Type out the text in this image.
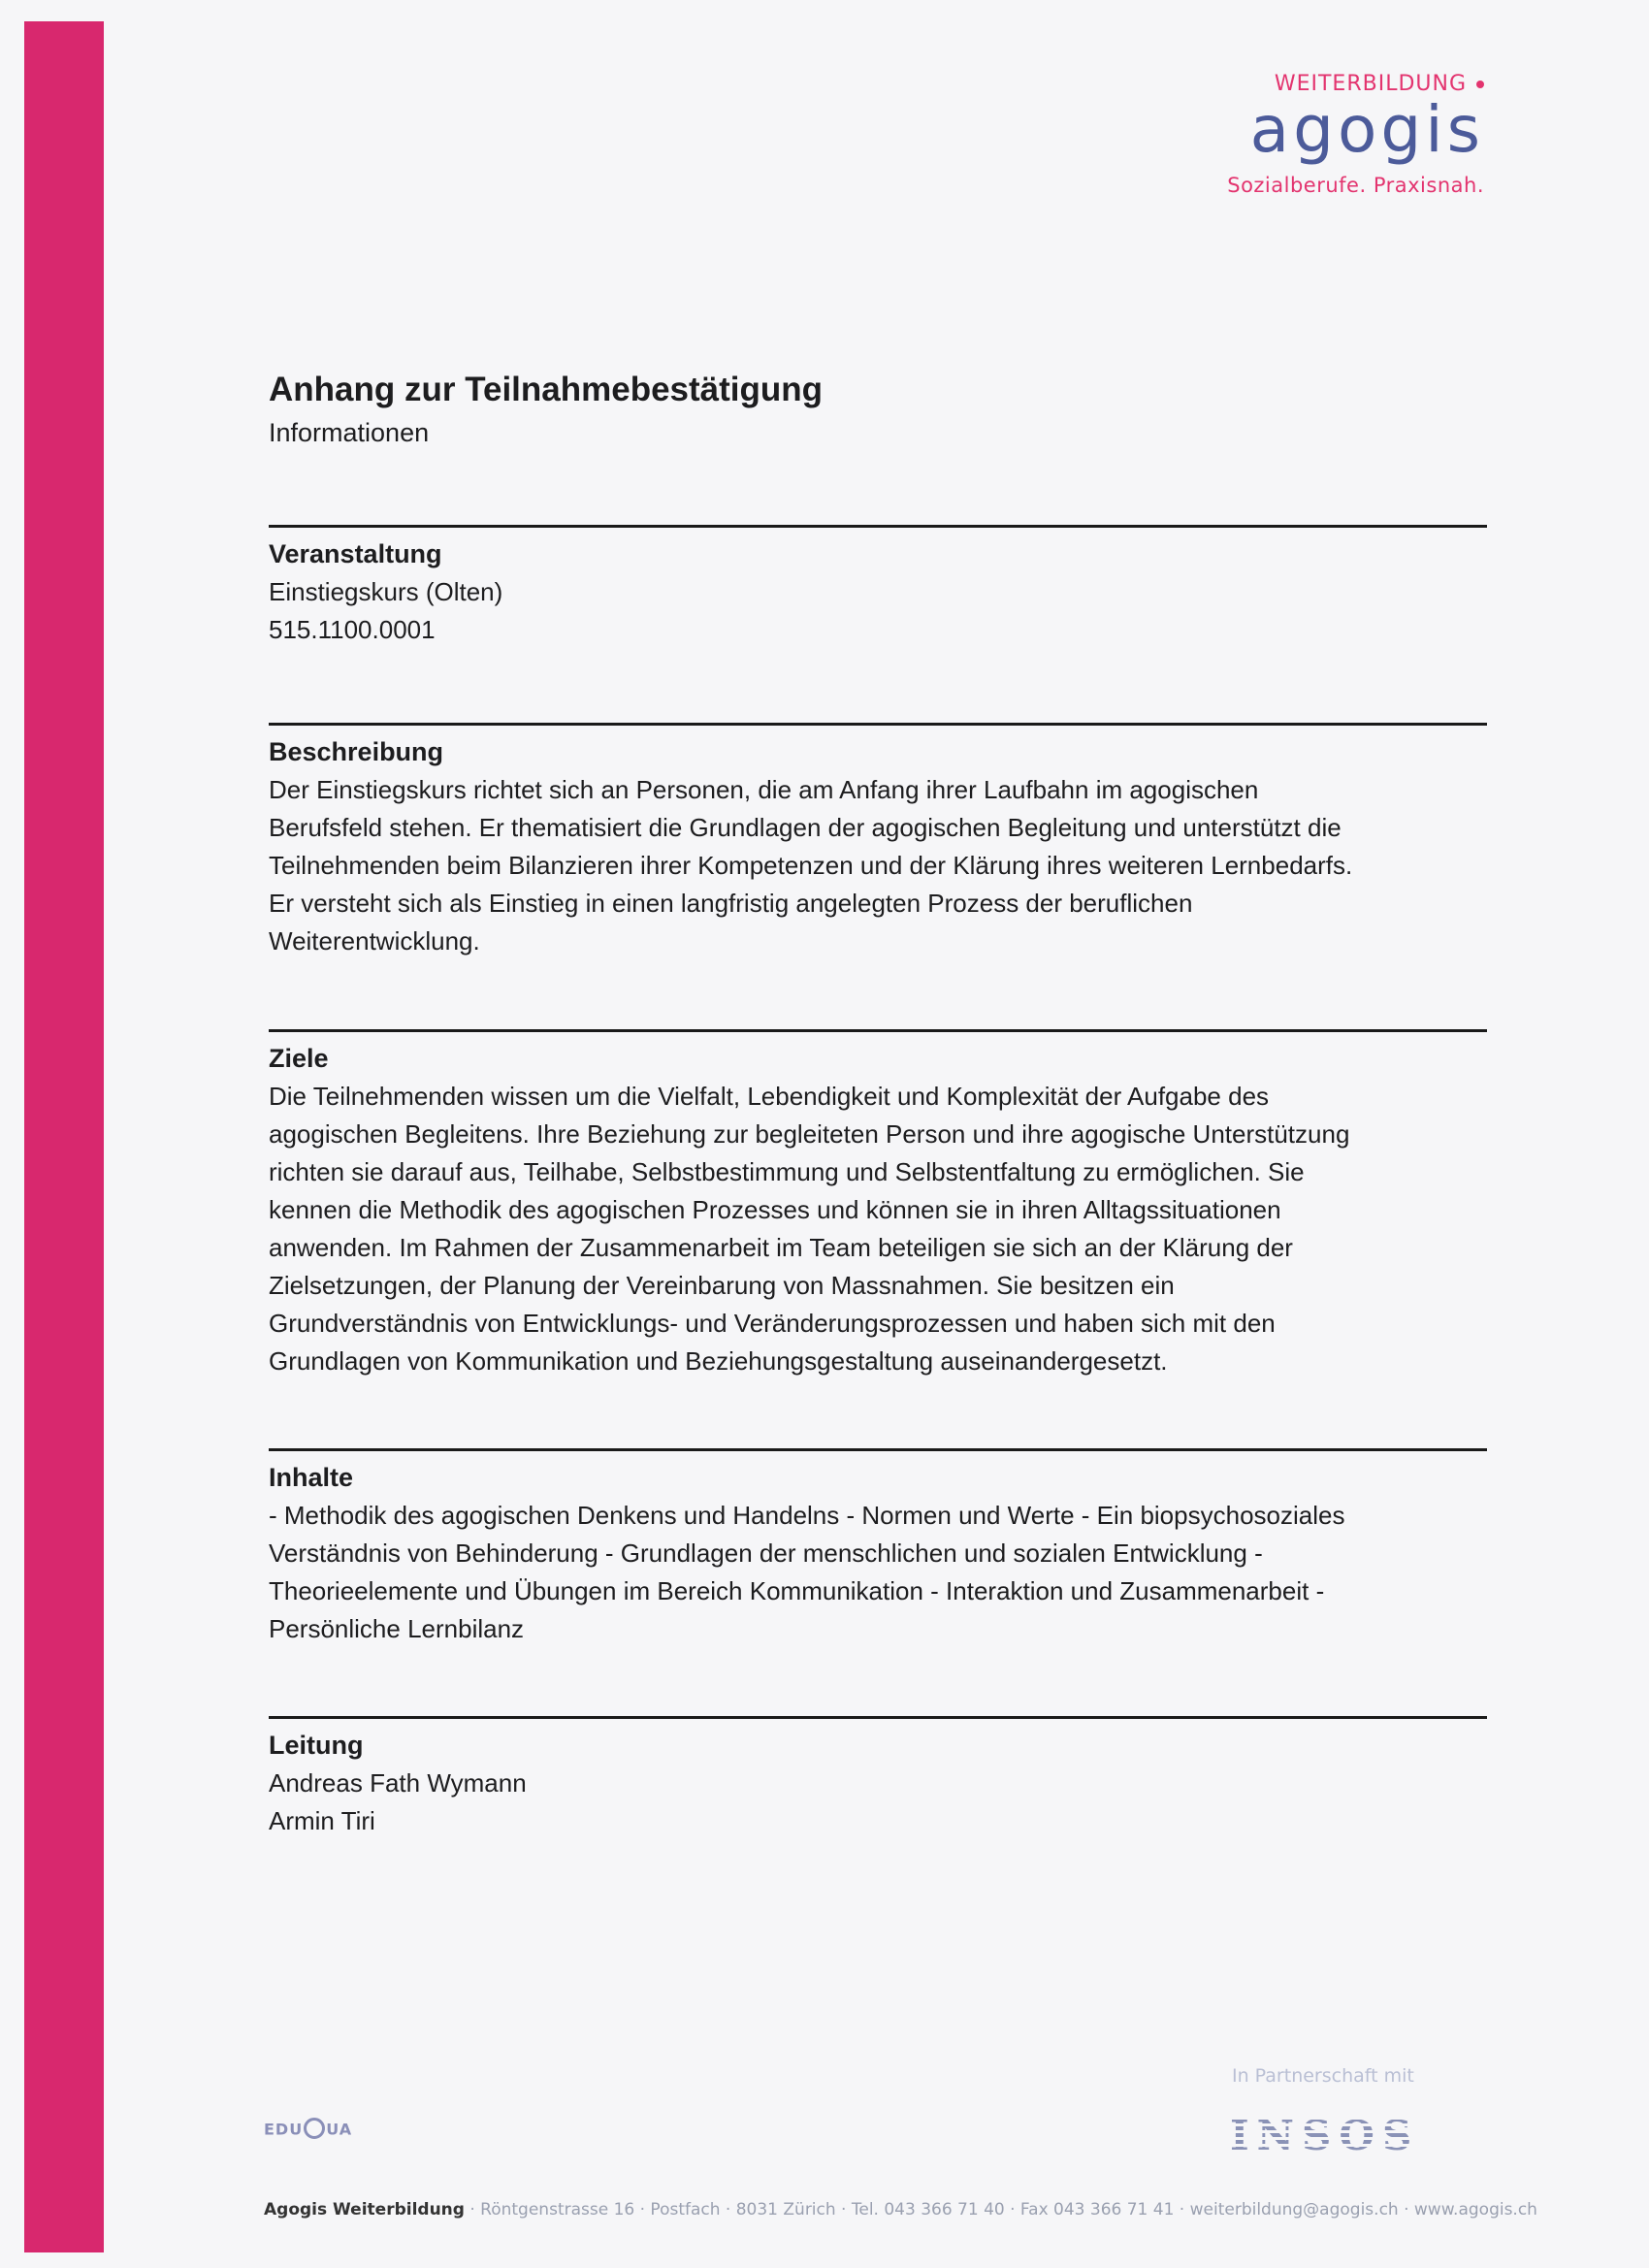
WEITERBILDUNG
agogis
Sozialberufe. Praxisnah.
Anhang zur Teilnahmebestätigung
Informationen
Veranstaltung
Einstiegskurs (Olten)
515.1100.0001
Beschreibung
Der Einstiegskurs richtet sich an Personen, die am Anfang ihrer Laufbahn im agogischen
Berufsfeld stehen. Er thematisiert die Grundlagen der agogischen Begleitung und unterstützt die
Teilnehmenden beim Bilanzieren ihrer Kompetenzen und der Klärung ihres weiteren Lernbedarfs.
Er versteht sich als Einstieg in einen langfristig angelegten Prozess der beruflichen
Weiterentwicklung.
Ziele
Die Teilnehmenden wissen um die Vielfalt, Lebendigkeit und Komplexität der Aufgabe des
agogischen Begleitens. Ihre Beziehung zur begleiteten Person und ihre agogische Unterstützung
richten sie darauf aus, Teilhabe, Selbstbestimmung und Selbstentfaltung zu ermöglichen. Sie
kennen die Methodik des agogischen Prozesses und können sie in ihren Alltagssituationen
anwenden. Im Rahmen der Zusammenarbeit im Team beteiligen sie sich an der Klärung der
Zielsetzungen, der Planung der Vereinbarung von Massnahmen. Sie besitzen ein
Grundverständnis von Entwicklungs- und Veränderungsprozessen und haben sich mit den
Grundlagen von Kommunikation und Beziehungsgestaltung auseinandergesetzt.
Inhalte
- Methodik des agogischen Denkens und Handelns - Normen und Werte - Ein biopsychosoziales
Verständnis von Behinderung - Grundlagen der menschlichen und sozialen Entwicklung -
Theorieelemente und Übungen im Bereich Kommunikation - Interaktion und Zusammenarbeit -
Persönliche Lernbilanz
Leitung
Andreas Fath Wymann
Armin Tiri
In Partnerschaft mit
INSOS
EDU UA
Agogis Weiterbildung · Röntgenstrasse 16 · Postfach · 8031 Zürich · Tel. 043 366 71 40 · Fax 043 366 71 41 · weiterbildung@agogis.ch · www.agogis.ch
